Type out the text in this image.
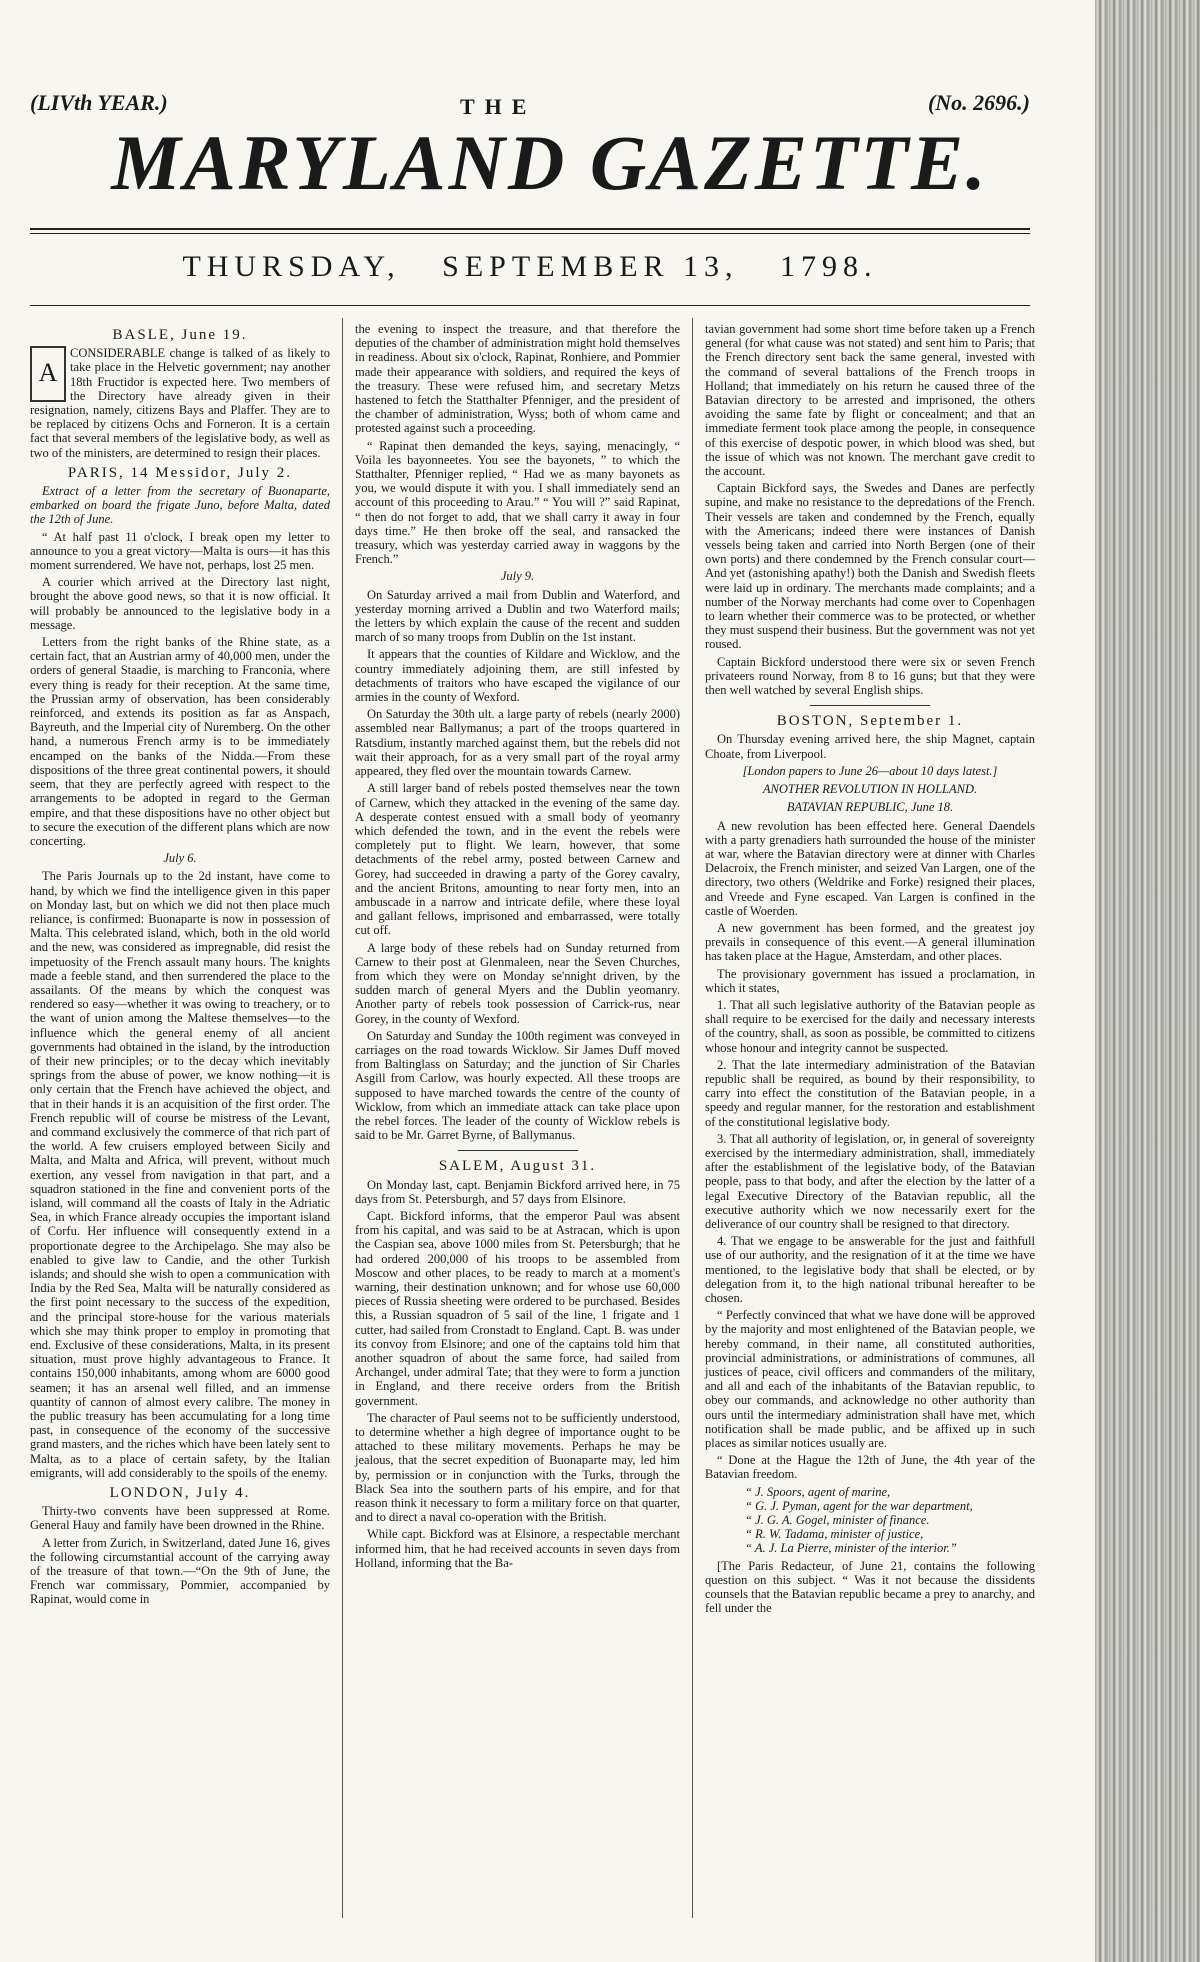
(LIVth YEAR.)	THE	(No. 2696.)
MARYLAND GAZETTE.
THURSDAY, SEPTEMBER 13, 1798.
BASLE, June 19.

A
CONSIDERABLE change is talked of as likely to take place in the Helvetic government; nay another 18th Fructidor is expected here. Two members of the Directory have already given in their resignation, namely, citizens Bays and Plaffer. They are to be replaced by citizens Ochs and Forneron. It is a certain fact that several members of the legislative body, as well as two of the ministers, are determined to resign their places.

PARIS, 14 Messidor, July 2.

Extract of a letter from the secretary of Buonaparte, embarked on board the frigate Juno, before Malta, dated the 12th of June.

“ At half past 11 o'clock, I break open my letter to announce to you a great victory—Malta is ours—it has this moment surrendered. We have not, perhaps, lost 25 men.

A courier which arrived at the Directory last night, brought the above good news, so that it is now official. It will probably be announced to the legislative body in a message.

Letters from the right banks of the Rhine state, as a certain fact, that an Austrian army of 40,000 men, under the orders of general Staadie, is marching to Franconia, where every thing is ready for their reception. At the same time, the Prussian army of observation, has been considerably reinforced, and extends its position as far as Anspach, Bayreuth, and the Imperial city of Nuremberg. On the other hand, a numerous French army is to be immediately encamped on the banks of the Nidda.—From these dispositions of the three great continental powers, it should seem, that they are perfectly agreed with respect to the arrangements to be adopted in regard to the German empire, and that these dispositions have no other object but to secure the execution of the different plans which are now concerting.

July 6.

The Paris Journals up to the 2d instant, have come to hand, by which we find the intelligence given in this paper on Monday last, but on which we did not then place much reliance, is confirmed: Buonaparte is now in possession of Malta. This celebrated island, which, both in the old world and the new, was considered as impregnable, did resist the impetuosity of the French assault many hours. The knights made a feeble stand, and then surrendered the place to the assailants. Of the means by which the conquest was rendered so easy—whether it was owing to treachery, or to the want of union among the Maltese themselves—to the influence which the general enemy of all ancient governments had obtained in the island, by the introduction of their new principles; or to the decay which inevitably springs from the abuse of power, we know nothing—it is only certain that the French have achieved the object, and that in their hands it is an acquisition of the first order. The French republic will of course be mistress of the Levant, and command exclusively the commerce of that rich part of the world. A few cruisers employed between Sicily and Malta, and Malta and Africa, will prevent, without much exertion, any vessel from navigation in that part, and a squadron stationed in the fine and convenient ports of the island, will command all the coasts of Italy in the Adriatic Sea, in which France already occupies the important island of Corfu. Her influence will consequently extend in a proportionate degree to the Archipelago. She may also be enabled to give law to Candie, and the other Turkish islands; and should she wish to open a communication with India by the Red Sea, Malta will be naturally considered as the first point necessary to the success of the expedition, and the principal store-house for the various materials which she may think proper to employ in promoting that end. Exclusive of these considerations, Malta, in its present situation, must prove highly advantageous to France. It contains 150,000 inhabitants, among whom are 6000 good seamen; it has an arsenal well filled, and an immense quantity of cannon of almost every calibre. The money in the public treasury has been accumulating for a long time past, in consequence of the economy of the successive grand masters, and the riches which have been lately sent to Malta, as to a place of certain safety, by the Italian emigrants, will add considerably to the spoils of the enemy.

LONDON, July 4.

Thirty-two convents have been suppressed at Rome. General Hauy and family have been drowned in the Rhine.

A letter from Zurich, in Switzerland, dated June 16, gives the following circumstantial account of the carrying away of the treasure of that town.—“On the 9th of June, the French war commissary, Pommier, accompanied by Rapinat, would come in

the evening to inspect the treasure, and that therefore the deputies of the chamber of administration might hold themselves in readiness. About six o'clock, Rapinat, Ronhiere, and Pommier made their appearance with soldiers, and required the keys of the treasury. These were refused him, and secretary Metzs hastened to fetch the Statthalter Pfenniger, and the president of the chamber of administration, Wyss; both of whom came and protested against such a proceeding.

“ Rapinat then demanded the keys, saying, menacingly, “ Voila les bayonneetes. You see the bayonets, ” to which the Statthalter, Pfenniger replied, “ Had we as many bayonets as you, we would dispute it with you. I shall immediately send an account of this proceeding to Arau.” “ You will ?” said Rapinat, “ then do not forget to add, that we shall carry it away in four days time.” He then broke off the seal, and ransacked the treasury, which was yesterday carried away in waggons by the French.”

July 9.

On Saturday arrived a mail from Dublin and Waterford, and yesterday morning arrived a Dublin and two Waterford mails; the letters by which explain the cause of the recent and sudden march of so many troops from Dublin on the 1st instant.

It appears that the counties of Kildare and Wicklow, and the country immediately adjoining them, are still infested by detachments of traitors who have escaped the vigilance of our armies in the county of Wexford.

On Saturday the 30th ult. a large party of rebels (nearly 2000) assembled near Ballymanus; a part of the troops quartered in Ratsdium, instantly marched against them, but the rebels did not wait their approach, for as a very small part of the royal army appeared, they fled over the mountain towards Carnew.

A still larger band of rebels posted themselves near the town of Carnew, which they attacked in the evening of the same day. A desperate contest ensued with a small body of yeomanry which defended the town, and in the event the rebels were completely put to flight. We learn, however, that some detachments of the rebel army, posted between Carnew and Gorey, had succeeded in drawing a party of the Gorey cavalry, and the ancient Britons, amounting to near forty men, into an ambuscade in a narrow and intricate defile, where these loyal and gallant fellows, imprisoned and embarrassed, were totally cut off.

A large body of these rebels had on Sunday returned from Carnew to their post at Glenmaleen, near the Seven Churches, from which they were on Monday se'nnight driven, by the sudden march of general Myers and the Dublin yeomanry. Another party of rebels took possession of Carrick-rus, near Gorey, in the county of Wexford.

On Saturday and Sunday the 100th regiment was conveyed in carriages on the road towards Wicklow. Sir James Duff moved from Baltinglass on Saturday; and the junction of Sir Charles Asgill from Carlow, was hourly expected. All these troops are supposed to have marched towards the centre of the county of Wicklow, from which an immediate attack can take place upon the rebel forces. The leader of the county of Wicklow rebels is said to be Mr. Garret Byrne, of Ballymanus.

SALEM, August 31.

On Monday last, capt. Benjamin Bickford arrived here, in 75 days from St. Petersburgh, and 57 days from Elsinore.

Capt. Bickford informs, that the emperor Paul was absent from his capital, and was said to be at Astracan, which is upon the Caspian sea, above 1000 miles from St. Petersburgh; that he had ordered 200,000 of his troops to be assembled from Moscow and other places, to be ready to march at a moment's warning, their destination unknown; and for whose use 60,000 pieces of Russia sheeting were ordered to be purchased. Besides this, a Russian squadron of 5 sail of the line, 1 frigate and 1 cutter, had sailed from Cronstadt to England. Capt. B. was under its convoy from Elsinore; and one of the captains told him that another squadron of about the same force, had sailed from Archangel, under admiral Tate; that they were to form a junction in England, and there receive orders from the British government.

The character of Paul seems not to be sufficiently understood, to determine whether a high degree of importance ought to be attached to these military movements. Perhaps he may be jealous, that the secret expedition of Buonaparte may, led him by, permission or in conjunction with the Turks, through the Black Sea into the southern parts of his empire, and for that reason think it necessary to form a military force on that quarter, and to direct a naval co-operation with the British.

While capt. Bickford was at Elsinore, a respectable merchant informed him, that he had received accounts in seven days from Holland, informing that the Ba-

tavian government had some short time before taken up a French general (for what cause was not stated) and sent him to Paris; that the French directory sent back the same general, invested with the command of several battalions of the French troops in Holland; that immediately on his return he caused three of the Batavian directory to be arrested and imprisoned, the others avoiding the same fate by flight or concealment; and that an immediate ferment took place among the people, in consequence of this exercise of despotic power, in which blood was shed, but the issue of which was not known. The merchant gave credit to the account.

Captain Bickford says, the Swedes and Danes are perfectly supine, and make no resistance to the depredations of the French. Their vessels are taken and condemned by the French, equally with the Americans; indeed there were instances of Danish vessels being taken and carried into North Bergen (one of their own ports) and there condemned by the French consular court—And yet (astonishing apathy!) both the Danish and Swedish fleets were laid up in ordinary. The merchants made complaints; and a number of the Norway merchants had come over to Copenhagen to learn whether their commerce was to be protected, or whether they must suspend their business. But the government was not yet roused.

Captain Bickford understood there were six or seven French privateers round Norway, from 8 to 16 guns; but that they were then well watched by several English ships.

BOSTON, September 1.

On Thursday evening arrived here, the ship Magnet, captain Choate, from Liverpool.

[London papers to June 26—about 10 days latest.]

ANOTHER REVOLUTION IN HOLLAND.

BATAVIAN REPUBLIC, June 18.

A new revolution has been effected here. General Daendels with a party grenadiers hath surrounded the house of the minister at war, where the Batavian directory were at dinner with Charles Delacroix, the French minister, and seized Van Largen, one of the directory, two others (Weldrike and Forke) resigned their places, and Vreede and Fyne escaped. Van Largen is confined in the castle of Woerden.

A new government has been formed, and the greatest joy prevails in consequence of this event.—A general illumination has taken place at the Hague, Amsterdam, and other places.

The provisionary government has issued a proclamation, in which it states,

1. That all such legislative authority of the Batavian people as shall require to be exercised for the daily and necessary interests of the country, shall, as soon as possible, be committed to citizens whose honour and integrity cannot be suspected.

2. That the late intermediary administration of the Batavian republic shall be required, as bound by their responsibility, to carry into effect the constitution of the Batavian people, in a speedy and regular manner, for the restoration and establishment of the constitutional legislative body.

3. That all authority of legislation, or, in general of sovereignty exercised by the intermediary administration, shall, immediately after the establishment of the legislative body, of the Batavian people, pass to that body, and after the election by the latter of a legal Executive Directory of the Batavian republic, all the executive authority which we now necessarily exert for the deliverance of our country shall be resigned to that directory.

4. That we engage to be answerable for the just and faithfull use of our authority, and the resignation of it at the time we have mentioned, to the legislative body that shall be elected, or by delegation from it, to the high national tribunal hereafter to be chosen.

“ Perfectly convinced that what we have done will be approved by the majority and most enlightened of the Batavian people, we hereby command, in their name, all constituted authorities, provincial administrations, or administrations of communes, all justices of peace, civil officers and commanders of the military, and all and each of the inhabitants of the Batavian republic, to obey our commands, and acknowledge no other authority than ours until the intermediary administration shall have met, which notification shall be made public, and be affixed up in such places as similar notices usually are.

“ Done at the Hague the 12th of June, the 4th year of the Batavian freedom.

“ J. Spoors, agent of marine,

“ G. J. Pyman, agent for the war department,

“ J. G. A. Gogel, minister of finance.

“ R. W. Tadama, minister of justice,

“ A. J. La Pierre, minister of the interior.”

[The Paris Redacteur, of June 21, contains the following question on this subject. “ Was it not because the dissidents counsels that the Batavian republic became a prey to anarchy, and fell under the
